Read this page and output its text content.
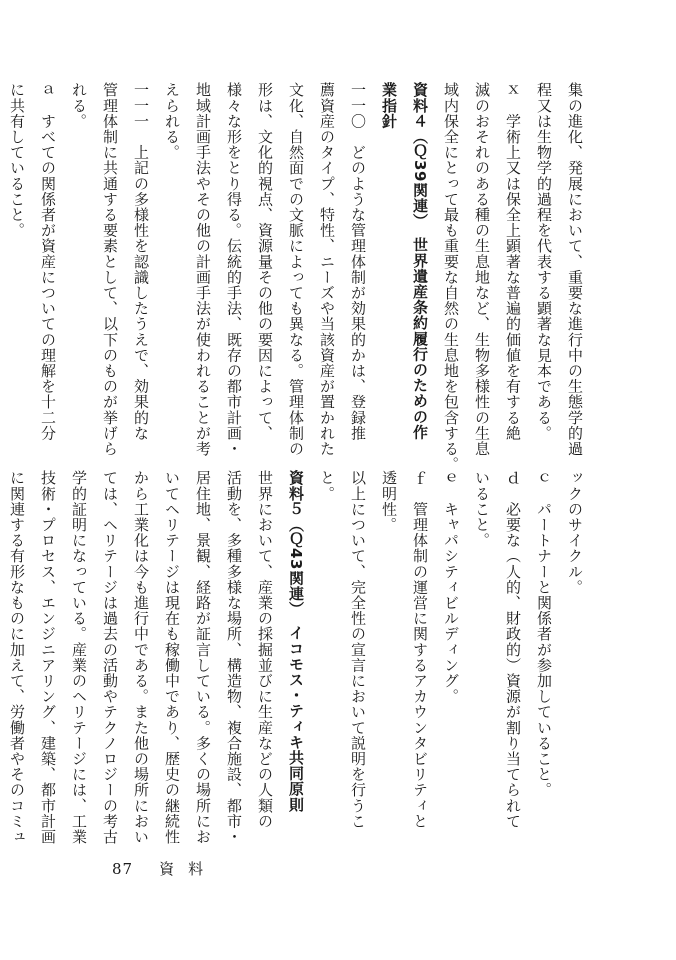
集の進化、発展において、重要な進行中の生態学的過
程又は生物学的過程を代表する顕著な見本である。
ｘ　学術上又は保全上顕著な普遍的価値を有する絶
滅のおそれのある種の生息地など、生物多様性の生息
域内保全にとって最も重要な自然の生息地を包含する。
資料４（Ｑ39関連）　世界遺産条約履行のための作
業指針
一一〇　どのような管理体制が効果的かは、登録推
薦資産のタイプ、特性、ニーズや当該資産が置かれた
文化、自然面での文脈によっても異なる。管理体制の
形は、文化的視点、資源量その他の要因によって、
様々な形をとり得る。伝統的手法、既存の都市計画・
地域計画手法やその他の計画手法が使われることが考
えられる。
一一一　上記の多様性を認識したうえで、効果的な
管理体制に共通する要素として、以下のものが挙げら
れる。
ａ　すべての関係者が資産についての理解を十二分
に共有していること。
ックのサイクル。
ｃ　パートナーと関係者が参加していること。
ｄ　必要な（人的、財政的）資源が割り当てられて
いること。
ｅ　キャパシティビルディング。
ｆ　管理体制の運営に関するアカウンタビリティと
透明性。
以上について、完全性の宣言において説明を行うこ
と。
資料５（Ｑ43関連）　イコモス・ティキ共同原則
世界において、産業の採掘並びに生産などの人類の
活動を、多種多様な場所、構造物、複合施設、都市・
居住地、景観、経路が証言している。多くの場所にお
いてヘリテージは現在も稼働中であり、歴史の継続性
から工業化は今も進行中である。また他の場所におい
ては、ヘリテージは過去の活動やテクノロジーの考古
学的証明になっている。産業のヘリテージには、工業
技術・プロセス、エンジニアリング、建築、都市計画
に関連する有形なものに加えて、労働者やそのコミュ
87 資料
